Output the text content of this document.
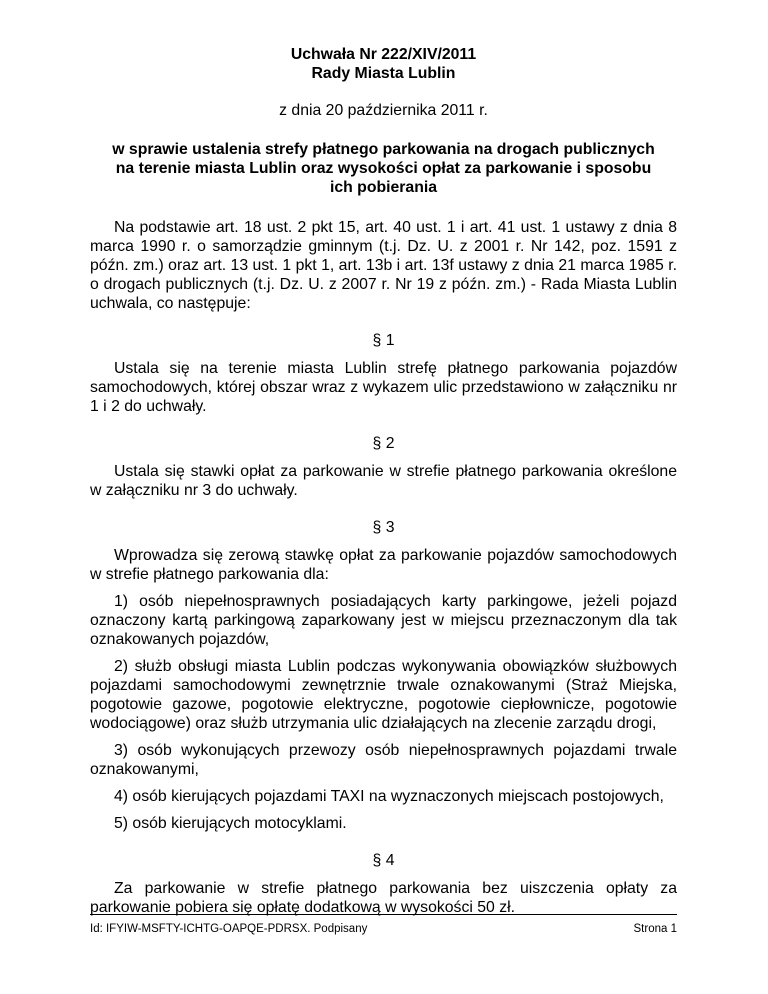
Uchwała Nr 222/XIV/2011
Rady Miasta Lublin
z dnia 20 października 2011 r.
w sprawie ustalenia strefy płatnego parkowania na drogach publicznych
na terenie miasta Lublin oraz wysokości opłat za parkowanie i sposobu
ich pobierania
Na podstawie art. 18 ust. 2 pkt 15, art. 40 ust. 1 i art. 41 ust. 1 ustawy z dnia 8 marca 1990 r. o samorządzie gminnym (t.j. Dz. U. z 2001 r. Nr 142, poz. 1591 z późn. zm.) oraz art. 13 ust. 1 pkt 1, art. 13b i art. 13f ustawy z dnia 21 marca 1985 r. o drogach publicznych (t.j. Dz. U. z 2007 r. Nr 19 z późn. zm.) - Rada Miasta Lublin uchwala, co następuje:
§ 1
Ustala się na terenie miasta Lublin strefę płatnego parkowania pojazdów samochodowych, której obszar wraz z wykazem ulic przedstawiono w załączniku nr 1 i 2 do uchwały.
§ 2
Ustala się stawki opłat za parkowanie w strefie płatnego parkowania określone w załączniku nr 3 do uchwały.
§ 3
Wprowadza się zerową stawkę opłat za parkowanie pojazdów samochodowych w strefie płatnego parkowania dla:
1) osób niepełnosprawnych posiadających karty parkingowe, jeżeli pojazd oznaczony kartą parkingową zaparkowany jest w miejscu przeznaczonym dla tak oznakowanych pojazdów,
2) służb obsługi miasta Lublin podczas wykonywania obowiązków służbowych pojazdami samochodowymi zewnętrznie trwale oznakowanymi (Straż Miejska, pogotowie gazowe, pogotowie elektryczne, pogotowie ciepłownicze, pogotowie wodociągowe) oraz służb utrzymania ulic działających na zlecenie zarządu drogi,
3) osób wykonujących przewozy osób niepełnosprawnych pojazdami trwale oznakowanymi,
4) osób kierujących pojazdami TAXI na wyznaczonych miejscach postojowych,
5) osób kierujących motocyklami.
§ 4
Za parkowanie w strefie płatnego parkowania bez uiszczenia opłaty za parkowanie pobiera się opłatę dodatkową w wysokości 50 zł.
Id: IFYIW-MSFTY-ICHTG-OAPQE-PDRSX. Podpisany	Strona 1
